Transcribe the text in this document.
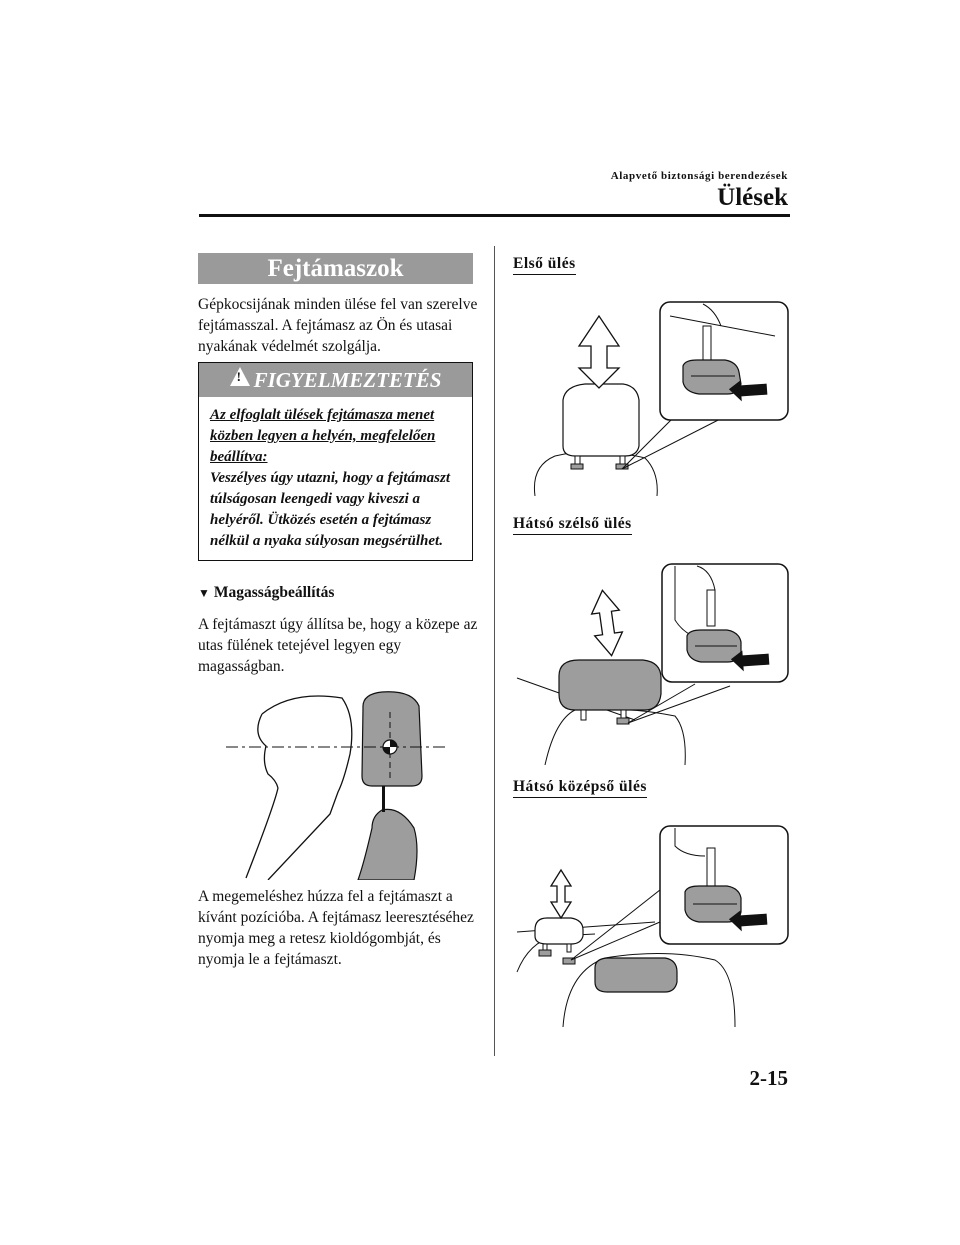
Alapvető biztonsági berendezések
Ülések
Fejtámaszok
Gépkocsijának minden ülése fel van szerelve fejtámasszal. A fejtámasz az Ön és utasai nyakának védelmét szolgálja.
!FIGYELMEZTETÉS
Az elfoglalt ülések fejtámasza menet közben legyen a helyén, megfelelően beállítva:
Veszélyes úgy utazni, hogy a fejtámaszt túlságosan leengedi vagy kiveszi a helyéről. Ütközés esetén a fejtámasz nélkül a nyaka súlyosan megsérülhet.
▼ Magasságbeállítás
A fejtámaszt úgy állítsa be, hogy a közepe az utas fülének tetejével legyen egy magasságban.
A megemeléshez húzza fel a fejtámaszt a kívánt pozícióba. A fejtámasz leeresztéséhez nyomja meg a retesz kioldógombját, és nyomja le a fejtámaszt.
Első ülés
Hátsó szélső ülés
Hátsó középső ülés
2-15
